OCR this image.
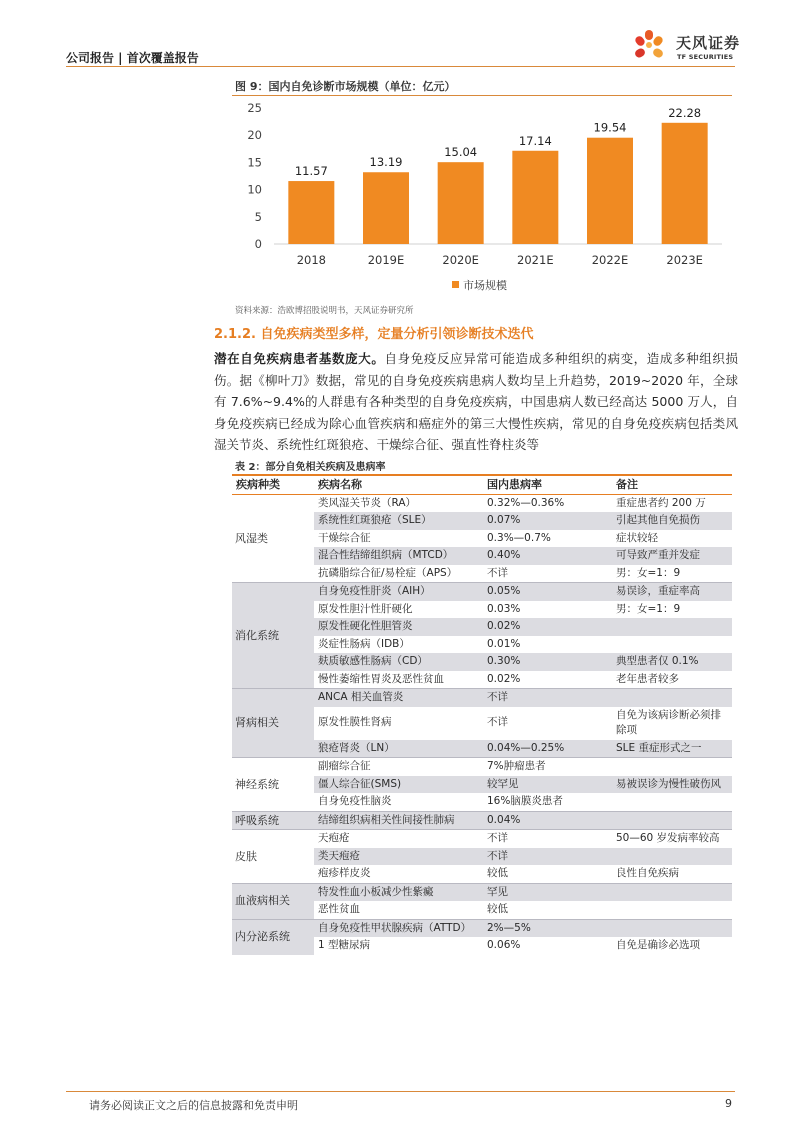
公司报告 | 首次覆盖报告
天风证券
TF SECURITIES
图 9：国内自免诊断市场规模（单位：亿元）
0
5
10
15
20
25
11.57
2018
13.19
2019E
15.04
2020E
17.14
2021E
19.54
2022E
22.28
2023E
市场规模
资料来源：浩欧博招股说明书，天风证券研究所
2.1.2. 自免疾病类型多样，定量分析引领诊断技术迭代
潜在自免疾病患者基数庞大。自身免疫反应异常可能造成多种组织的病变，造成多种组织损伤。据《柳叶刀》数据，常见的自身免疫疾病患病人数均呈上升趋势，2019~2020 年，全球有 7.6%~9.4%的人群患有各种类型的自身免疫疾病，中国患病人数已经高达 5000 万人，自身免疫疾病已经成为除心血管疾病和癌症外的第三大慢性疾病，常见的自身免疫疾病包括类风湿关节炎、系统性红斑狼疮、干燥综合征、强直性脊柱炎等
表 2：部分自免相关疾病及患病率
疾病种类	疾病名称	国内患病率	备注
风湿类	类风湿关节炎（RA）	0.32%—0.36%	重症患者约 200 万
	系统性红斑狼疮（SLE）	0.07%	引起其他自免损伤
	干燥综合征	0.3%—0.7%	症状较轻
	混合性结缔组织病（MTCD）	0.40%	可导致严重并发症
	抗磷脂综合征/易栓症（APS）	不详	男：女=1：9
消化系统	自身免疫性肝炎（AIH）	0.05%	易误诊，重症率高
	原发性胆汁性肝硬化	0.03%	男：女=1：9
	原发性硬化性胆管炎	0.02%	
	炎症性肠病（IDB）	0.01%	
	麸质敏感性肠病（CD）	0.30%	典型患者仅 0.1%
	慢性萎缩性胃炎及恶性贫血	0.02%	老年患者较多
肾病相关	ANCA 相关血管炎	不详	
	原发性膜性肾病	不详	自免为该病诊断必须排除项
	狼疮肾炎（LN）	0.04%—0.25%	SLE 重症形式之一
神经系统	副瘤综合征	7%肿瘤患者	
	僵人综合征(SMS)	较罕见	易被误诊为慢性破伤风
	自身免疫性脑炎	16%脑膜炎患者	
呼吸系统	结缔组织病相关性间接性肺病	0.04%	
皮肤	天疱疮	不详	50—60 岁发病率较高
	类天疱疮	不详	
	疱疹样皮炎	较低	良性自免疾病
血液病相关	特发性血小板减少性紫癜	罕见	
	恶性贫血	较低	
内分泌系统	自身免疫性甲状腺疾病（ATTD）	2%—5%	
	1 型糖尿病	0.06%	自免是确诊必选项
请务必阅读正文之后的信息披露和免责申明	9
